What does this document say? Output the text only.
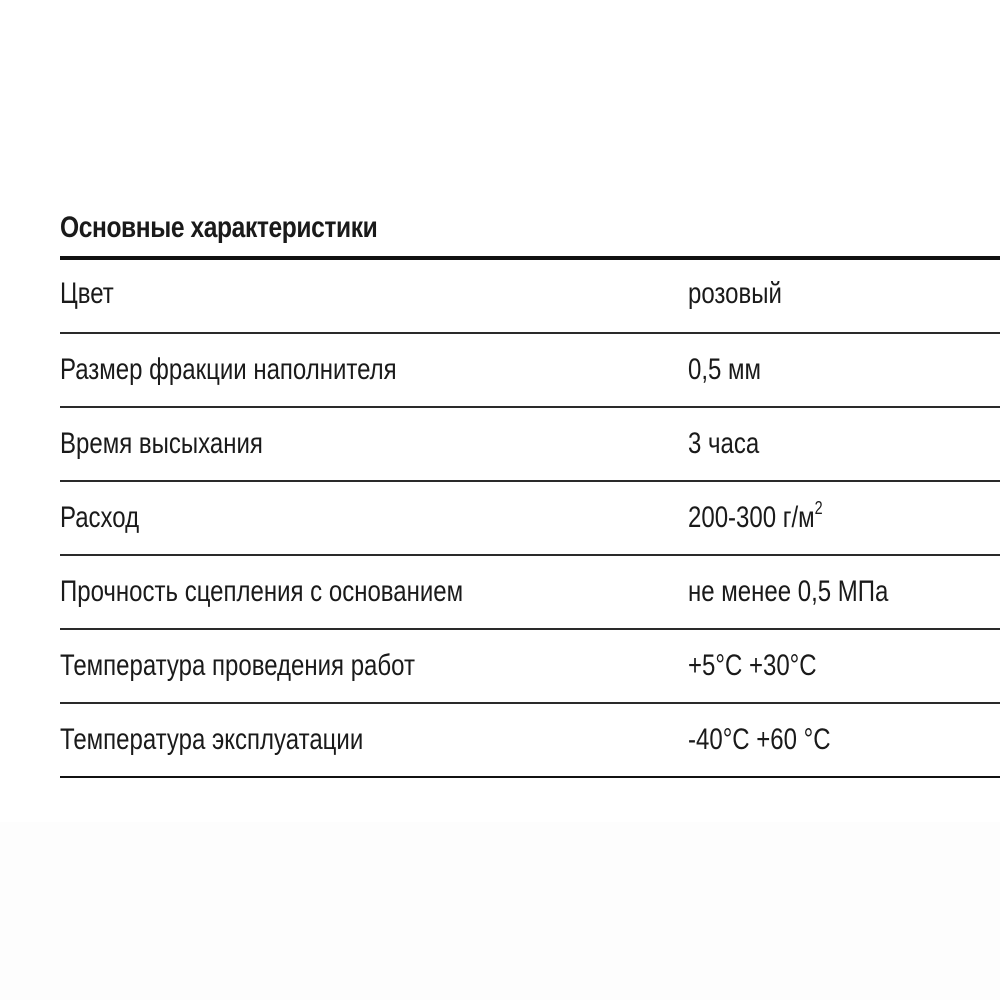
Основные характеристики
Цвет	розовый
Размер фракции наполнителя	0,5 мм
Время высыхания	3 часа
Расход	200-300 $г/м^2$
Прочность сцепления с основанием	не менее 0,5 МПа
Температура проведения работ	+5°C +30°C
Температура эксплуатации	-40°C +60 °C
